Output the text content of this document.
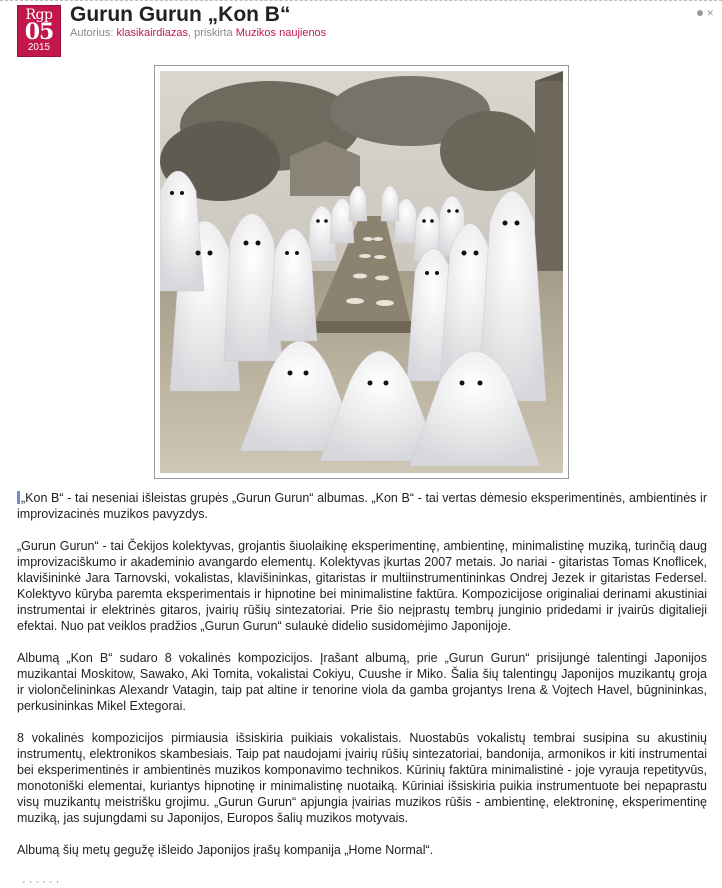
Rgp
05
2015
Gurun Gurun „Kon B“
Autorius: klasikairdiazas, priskirta Muzikos naujienos
✕

„Kon B“ - tai neseniai išleistas grupės „Gurun Gurun“ albumas. „Kon B“ - tai vertas dėmesio eksperimentinės, ambientinės ir improvizacinės muzikos pavyzdys.

„Gurun Gurun“ - tai Čekijos kolektyvas, grojantis šiuolaikinę eksperimentinę, ambientinę, minimalistinę muziką, turinčią daug improvizaciškumo ir akademinio avangardo elementų. Kolektyvas įkurtas 2007 metais. Jo nariai - gitaristas Tomas Knoflicek, klavišininkė Jara Tarnovski, vokalistas, klavišininkas, gitaristas ir multiinstrumentininkas Ondrej Jezek ir gitaristas Federsel. Kolektyvo kūryba paremta eksperimentais ir hipnotine bei minimalistine faktūra. Kompozicijose originaliai derinami akustiniai instrumentai ir elektrinės gitaros, įvairių rūšių sintezatoriai. Prie šio neįprastų tembrų junginio pridedami ir įvairūs digitalieji efektai. Nuo pat veiklos pradžios „Gurun Gurun“ sulaukė didelio susidomėjimo Japonijoje.

Albumą „Kon B“ sudaro 8 vokalinės kompozicijos. Įrašant albumą, prie „Gurun Gurun“ prisijungė talentingi Japonijos muzikantai Moskitow, Sawako, Aki Tomita, vokalistai Cokiyu, Cuushe ir Miko. Šalia šių talentingų Japonijos muzikantų groja ir violončelininkas Alexandr Vatagin, taip pat altine ir tenorine viola da gamba grojantys Irena & Vojtech Havel, būgnininkas, perkusininkas Mikel Extegorai.

8 vokalinės kompozicijos pirmiausia išsiskiria puikiais vokalistais. Nuostabūs vokalistų tembrai susipina su akustinių instrumentų, elektronikos skambesiais. Taip pat naudojami įvairių rūšių sintezatoriai, bandonija, armonikos ir kiti instrumentai bei eksperimentinės ir ambientinės muzikos komponavimo technikos. Kūrinių faktūra minimalistinė - joje vyrauja repetityvūs, monotoniški elementai, kuriantys hipnotinę ir minimalistinę nuotaiką. Kūriniai išsiskiria puikia instrumentuote bei nepaprastu visų muzikantų meistrišku grojimu. „Gurun Gurun“ apjungia įvairias muzikos rūšis - ambientinę, elektroninę, eksperimentinę muziką, jas sujungdami su Japonijos, Europos šalių muzikos motyvais.

Albumą šių metų gegužę išleido Japonijos įrašų kompanija „Home Normal“.

· · · · · ·
